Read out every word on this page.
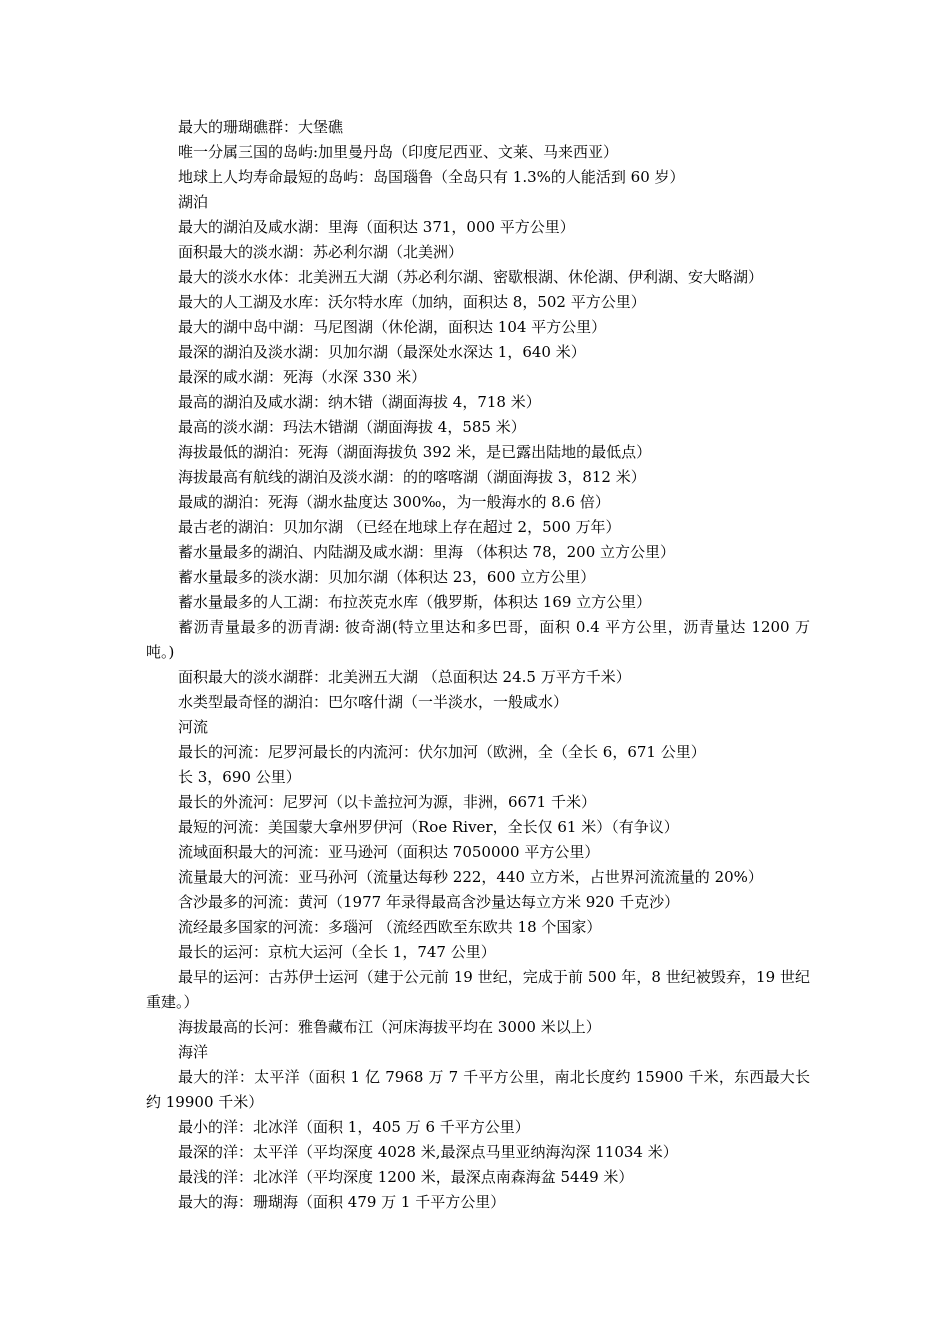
最大的珊瑚礁群：大堡礁

唯一分属三国的岛屿:加里曼丹岛（印度尼西亚、文莱、马来西亚）

地球上人均寿命最短的岛屿：岛国瑙鲁（全岛只有 1.3%的人能活到 60 岁）

湖泊

最大的湖泊及咸水湖：里海（面积达 371，000 平方公里）

面积最大的淡水湖：苏必利尔湖（北美洲）

最大的淡水水体：北美洲五大湖（苏必利尔湖、密歇根湖、休伦湖、伊利湖、安大略湖）

最大的人工湖及水库：沃尔特水库（加纳，面积达 8，502 平方公里）

最大的湖中岛中湖：马尼图湖（休伦湖，面积达 104 平方公里）

最深的湖泊及淡水湖：贝加尔湖（最深处水深达 1，640 米）

最深的咸水湖：死海（水深 330 米）

最高的湖泊及咸水湖：纳木错（湖面海拔 4，718 米）

最高的淡水湖：玛法木错湖（湖面海拔 4，585 米）

海拔最低的湖泊：死海（湖面海拔负 392 米，是已露出陆地的最低点）

海拔最高有航线的湖泊及淡水湖：的的喀喀湖（湖面海拔 3，812 米）

最咸的湖泊：死海（湖水盐度达 300‰，为一般海水的 8.6 倍）

最古老的湖泊：贝加尔湖 （已经在地球上存在超过 2，500 万年）

蓄水量最多的湖泊、内陆湖及咸水湖：里海 （体积达 78，200 立方公里）

蓄水量最多的淡水湖：贝加尔湖（体积达 23，600 立方公里）

蓄水量最多的人工湖：布拉茨克水库（俄罗斯，体积达 169 立方公里）

蓄沥青量最多的沥青湖: 彼奇湖(特立里达和多巴哥，面积 0.4 平方公里，沥青量达 1200 万吨。)

面积最大的淡水湖群：北美洲五大湖 （总面积达 24.5 万平方千米）

水类型最奇怪的湖泊：巴尔喀什湖（一半淡水，一般咸水）

河流

最长的河流：尼罗河最长的内流河：伏尔加河（欧洲，全（全长 6，671 公里）

长 3，690 公里）

最长的外流河：尼罗河（以卡盖拉河为源，非洲，6671 千米）

最短的河流：美国蒙大拿州罗伊河（Roe River，全长仅 61 米）（有争议）

流域面积最大的河流：亚马逊河（面积达 7050000 平方公里）

流量最大的河流：亚马孙河（流量达每秒 222，440 立方米，占世界河流流量的 20%）

含沙最多的河流：黄河（1977 年录得最高含沙量达每立方米 920 千克沙）

流经最多国家的河流：多瑙河 （流经西欧至东欧共 18 个国家）

最长的运河：京杭大运河（全长 1，747 公里）

最早的运河：古苏伊士运河（建于公元前 19 世纪，完成于前 500 年，8 世纪被毁弃，19 世纪重建。）

海拔最高的长河：雅鲁藏布江（河床海拔平均在 3000 米以上）

海洋

最大的洋：太平洋（面积 1 亿 7968 万 7 千平方公里，南北长度约 15900 千米，东西最大长约 19900 千米）

最小的洋：北冰洋（面积 1，405 万 6 千平方公里）

最深的洋：太平洋（平均深度 4028 米,最深点马里亚纳海沟深 11034 米）

最浅的洋：北冰洋（平均深度 1200 米，最深点南森海盆 5449 米）

最大的海：珊瑚海（面积 479 万 1 千平方公里）
